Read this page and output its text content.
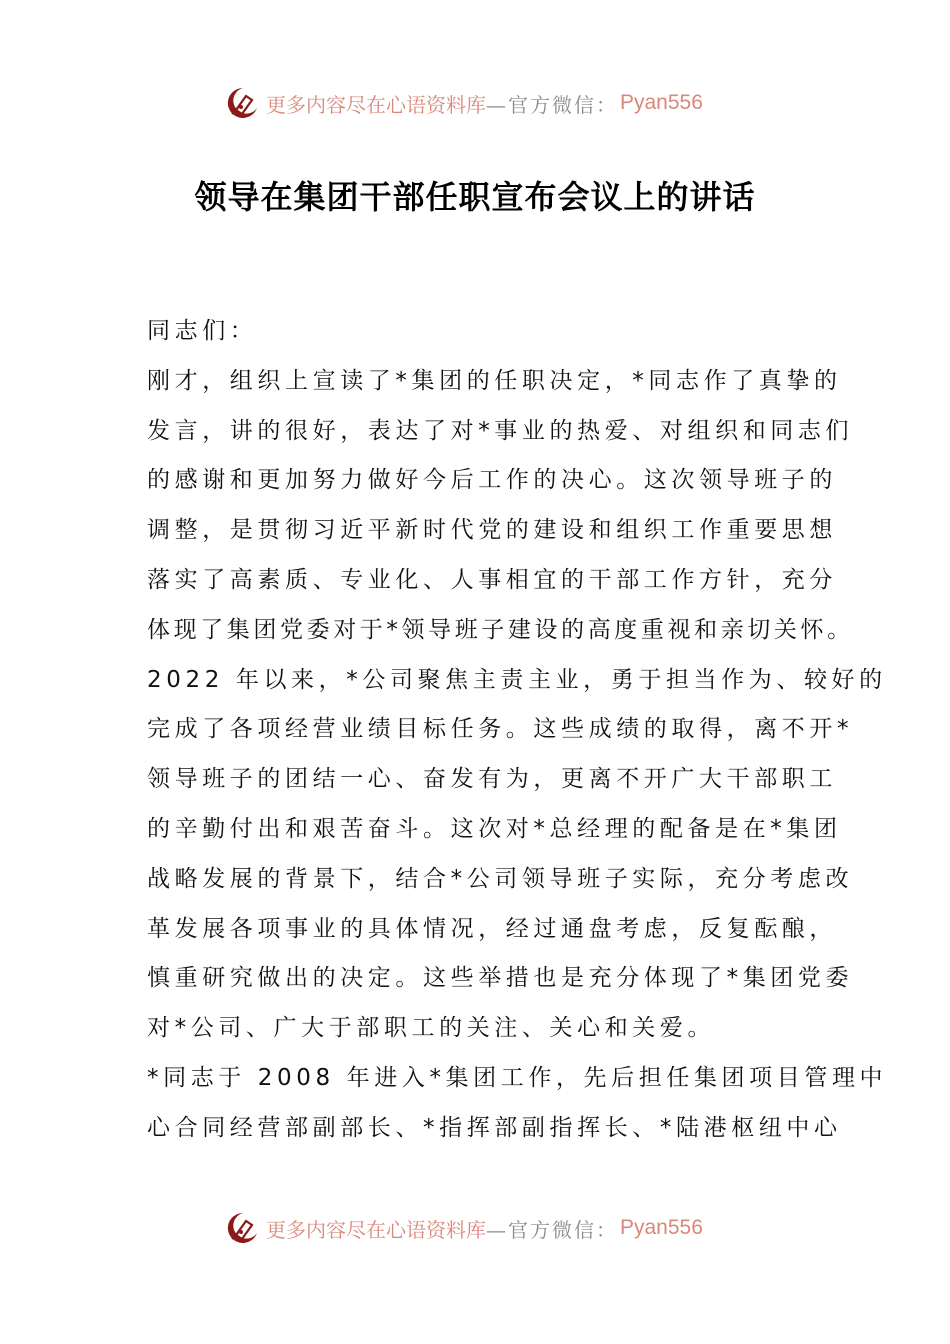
更多内容尽在心语资料库 —官方微信： Pyan556
领导在集团干部任职宣布会议上的讲话
同志们：
刚才，组织上宣读了*集团的任职决定，*同志作了真挚的
发言，讲的很好，表达了对*事业的热爱、对组织和同志们
的感谢和更加努力做好今后工作的决心。这次领导班子的
调整，是贯彻习近平新时代党的建设和组织工作重要思想
落实了高素质、专业化、人事相宜的干部工作方针，充分
体现了集团党委对于*领导班子建设的高度重视和亲切关怀。
2022 年以来，*公司聚焦主责主业，勇于担当作为、较好的
完成了各项经营业绩目标任务。这些成绩的取得，离不开*
领导班子的团结一心、奋发有为，更离不开广大干部职工
的辛勤付出和艰苦奋斗。这次对*总经理的配备是在*集团
战略发展的背景下，结合*公司领导班子实际，充分考虑改
革发展各项事业的具体情况，经过通盘考虑，反复酝酿，
慎重研究做出的决定。这些举措也是充分体现了*集团党委
对*公司、广大于部职工的关注、关心和关爱。
*同志于 2008 年进入*集团工作，先后担任集团项目管理中
心合同经营部副部长、*指挥部副指挥长、*陆港枢纽中心
更多内容尽在心语资料库 —官方微信： Pyan556
